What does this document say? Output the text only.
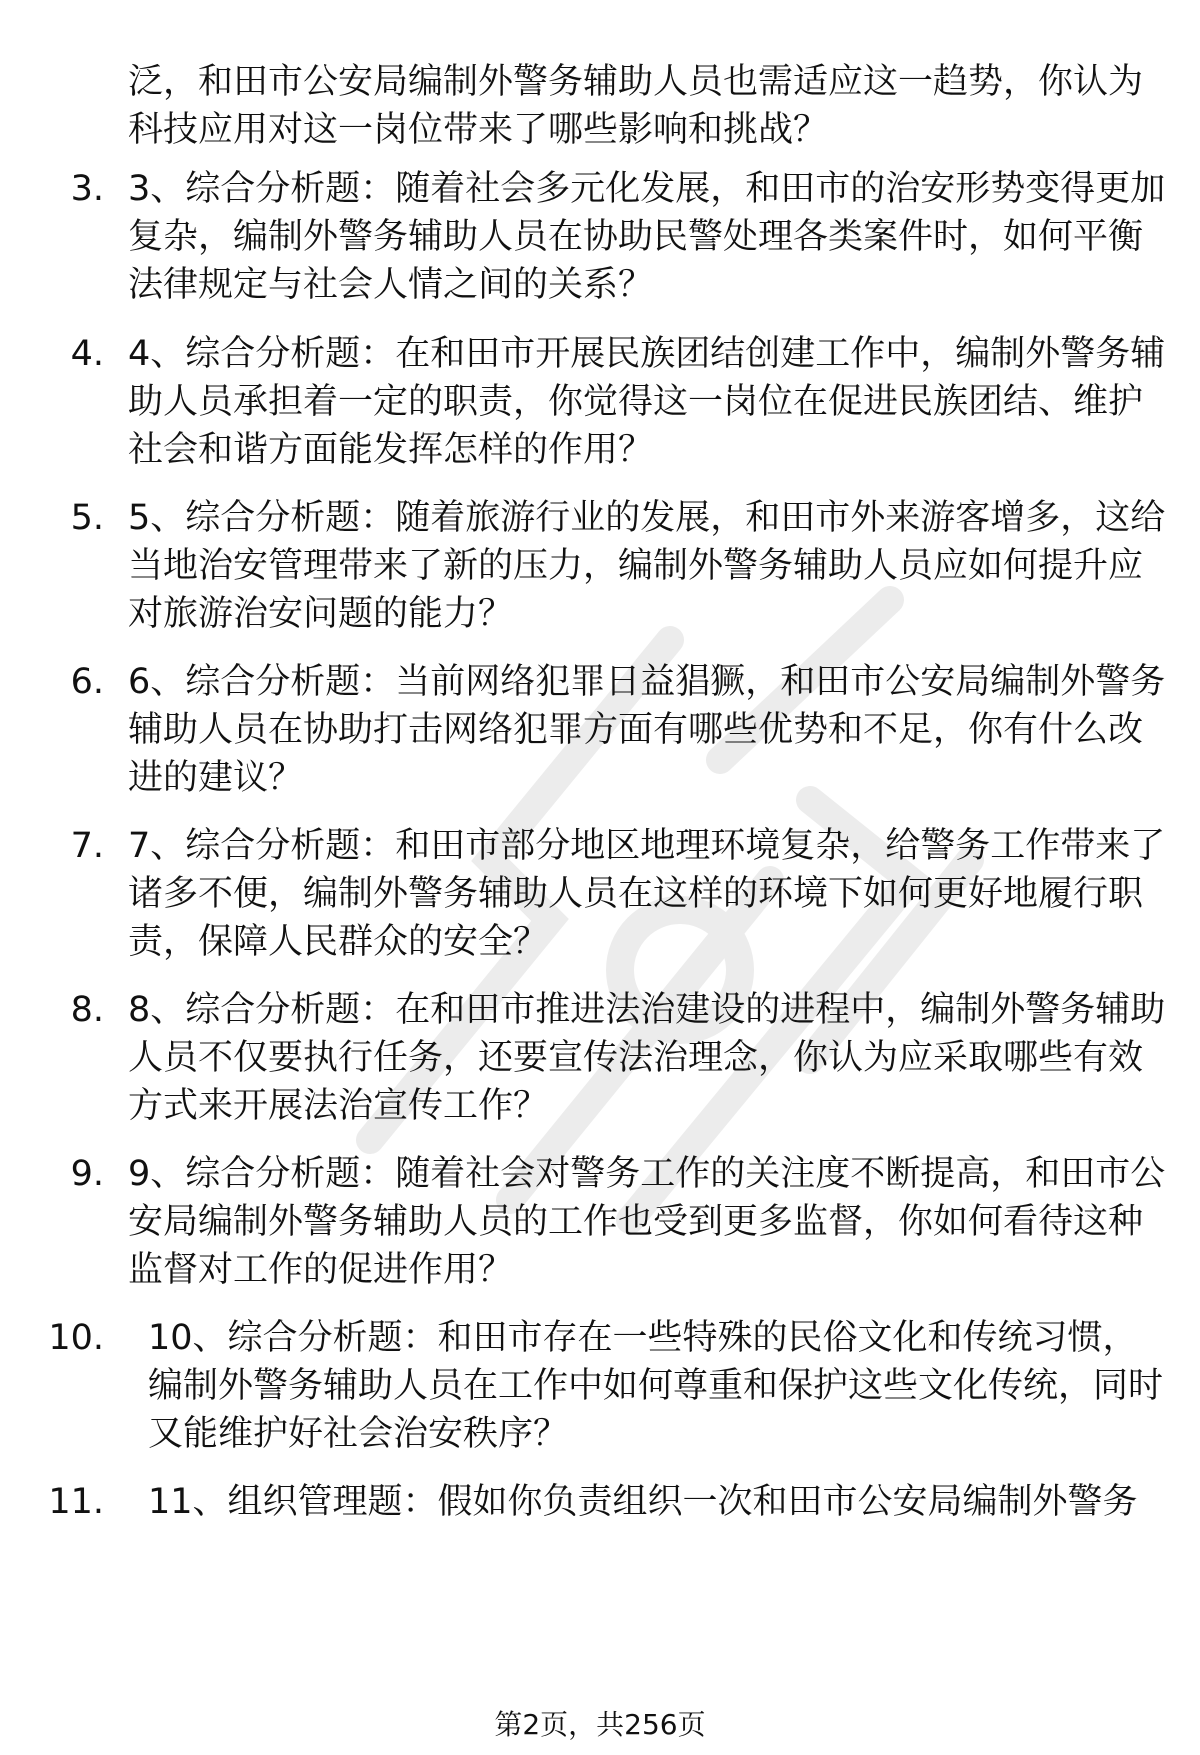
泛，和田市公安局编制外警务辅助人员也需适应这一趋势，你认为科技应用对这一岗位带来了哪些影响和挑战？

3. 3、综合分析题：随着社会多元化发展，和田市的治安形势变得更加复杂，编制外警务辅助人员在协助民警处理各类案件时，如何平衡法律规定与社会人情之间的关系？

4. 4、综合分析题：在和田市开展民族团结创建工作中，编制外警务辅助人员承担着一定的职责，你觉得这一岗位在促进民族团结、维护社会和谐方面能发挥怎样的作用？

5. 5、综合分析题：随着旅游行业的发展，和田市外来游客增多，这给当地治安管理带来了新的压力，编制外警务辅助人员应如何提升应对旅游治安问题的能力？

6. 6、综合分析题：当前网络犯罪日益猖獗，和田市公安局编制外警务辅助人员在协助打击网络犯罪方面有哪些优势和不足，你有什么改进的建议？

7. 7、综合分析题：和田市部分地区地理环境复杂，给警务工作带来了诸多不便，编制外警务辅助人员在这样的环境下如何更好地履行职责，保障人民群众的安全？

8. 8、综合分析题：在和田市推进法治建设的进程中，编制外警务辅助人员不仅要执行任务，还要宣传法治理念，你认为应采取哪些有效方式来开展法治宣传工作？

9. 9、综合分析题：随着社会对警务工作的关注度不断提高，和田市公安局编制外警务辅助人员的工作也受到更多监督，你如何看待这种监督对工作的促进作用？

10. 10、综合分析题：和田市存在一些特殊的民俗文化和传统习惯，编制外警务辅助人员在工作中如何尊重和保护这些文化传统，同时又能维护好社会治安秩序？

11. 11、组织管理题：假如你负责组织一次和田市公安局编制外警务

第2页，共256页
